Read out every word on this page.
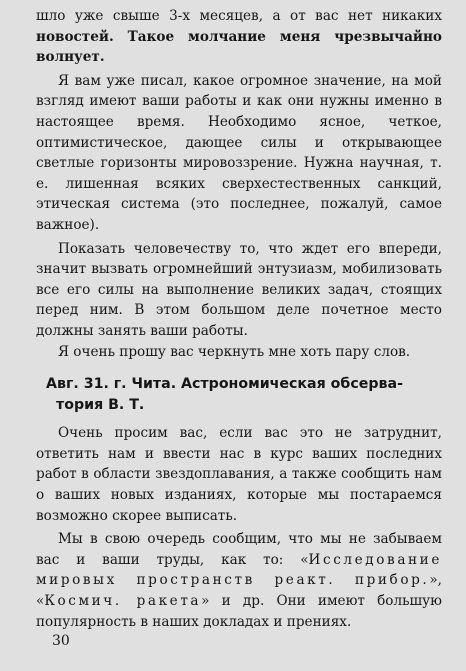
шло уже свыше 3-х месяцев, а от вас нет никаких новостей. Такое молчание меня чрезвычайно волнует.

Я вам уже писал, какое огромное значение, на мой взгляд имеют ваши работы и как они нужны именно в настоящее время. Необходимо ясное, четкое, оптимистическое, дающее силы и открывающее светлые горизонты мировоззрение. Нужна научная, т. е. лишенная всяких сверхестественных санкций, этическая система (это последнее, пожалуй, самое важное).

Показать человечеству то, что ждет его впереди, значит вызвать огромнейший энтузиазм, мобилизовать все его силы на выполнение великих задач, стоящих перед ним. В этом большом деле почетное место должны занять ваши работы.

Я очень прошу вас черкнуть мне хоть пару слов.

Авг. 31. г. Чита. Астрономическая обсерва-
тория В. Т.

Очень просим вас, если вас это не затруднит, ответить нам и ввести нас в курс ваших последних работ в области звездоплавания, а также сообщить нам о ваших новых изданиях, которые мы постараемся возможно скорее выписать.

Мы в свою очередь сообщим, что мы не забываем вас и ваши труды, как то: «Исследование мировых пространств реакт. прибор.», «Космич. ракета» и др. Они имеют большую популярность в наших докладах и прениях.

30
